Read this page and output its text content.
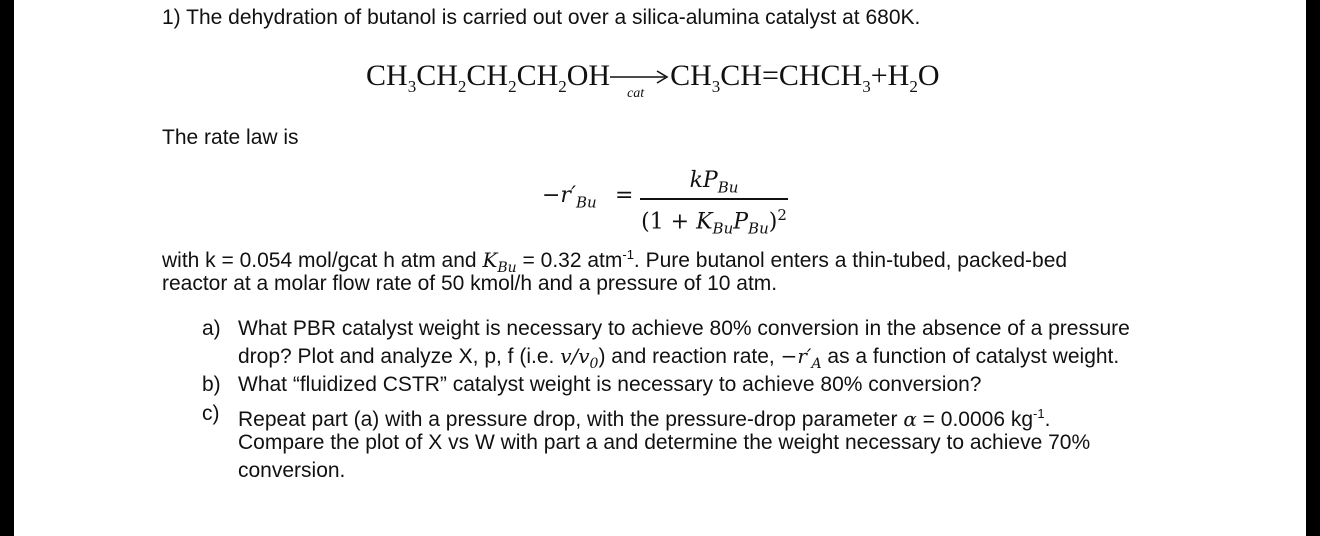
1) The dehydration of butanol is carried out over a silica-alumina catalyst at 680K.
$CH_3CH_2CH_2CH_2OH$
cat
$CH_3CH=CHCH_3+H_2O$
The rate law is
$-r'_{Bu}$ =
$kP_{Bu}$
$(1 + K_{Bu}P_{Bu})^2$
with k = 0.054 mol/gcat h atm and $K_{Bu} = 0.32$ atm$^{-1}$. Pure butanol enters a thin-tubed, packed-bed
reactor at a molar flow rate of 50 kmol/h and a pressure of 10 atm.
a) What PBR catalyst weight is necessary to achieve 80% conversion in the absence of a pressure
drop? Plot and analyze X, p, f (i.e. $v/v_0$) and reaction rate, $-r'_A$ as a function of catalyst weight.
b) What “fluidized CSTR” catalyst weight is necessary to achieve 80% conversion?
c) Repeat part (a) with a pressure drop, with the pressure-drop parameter α = 0.0006 $kg^{-1}$.
Compare the plot of X vs W with part a and determine the weight necessary to achieve 70%
conversion.
